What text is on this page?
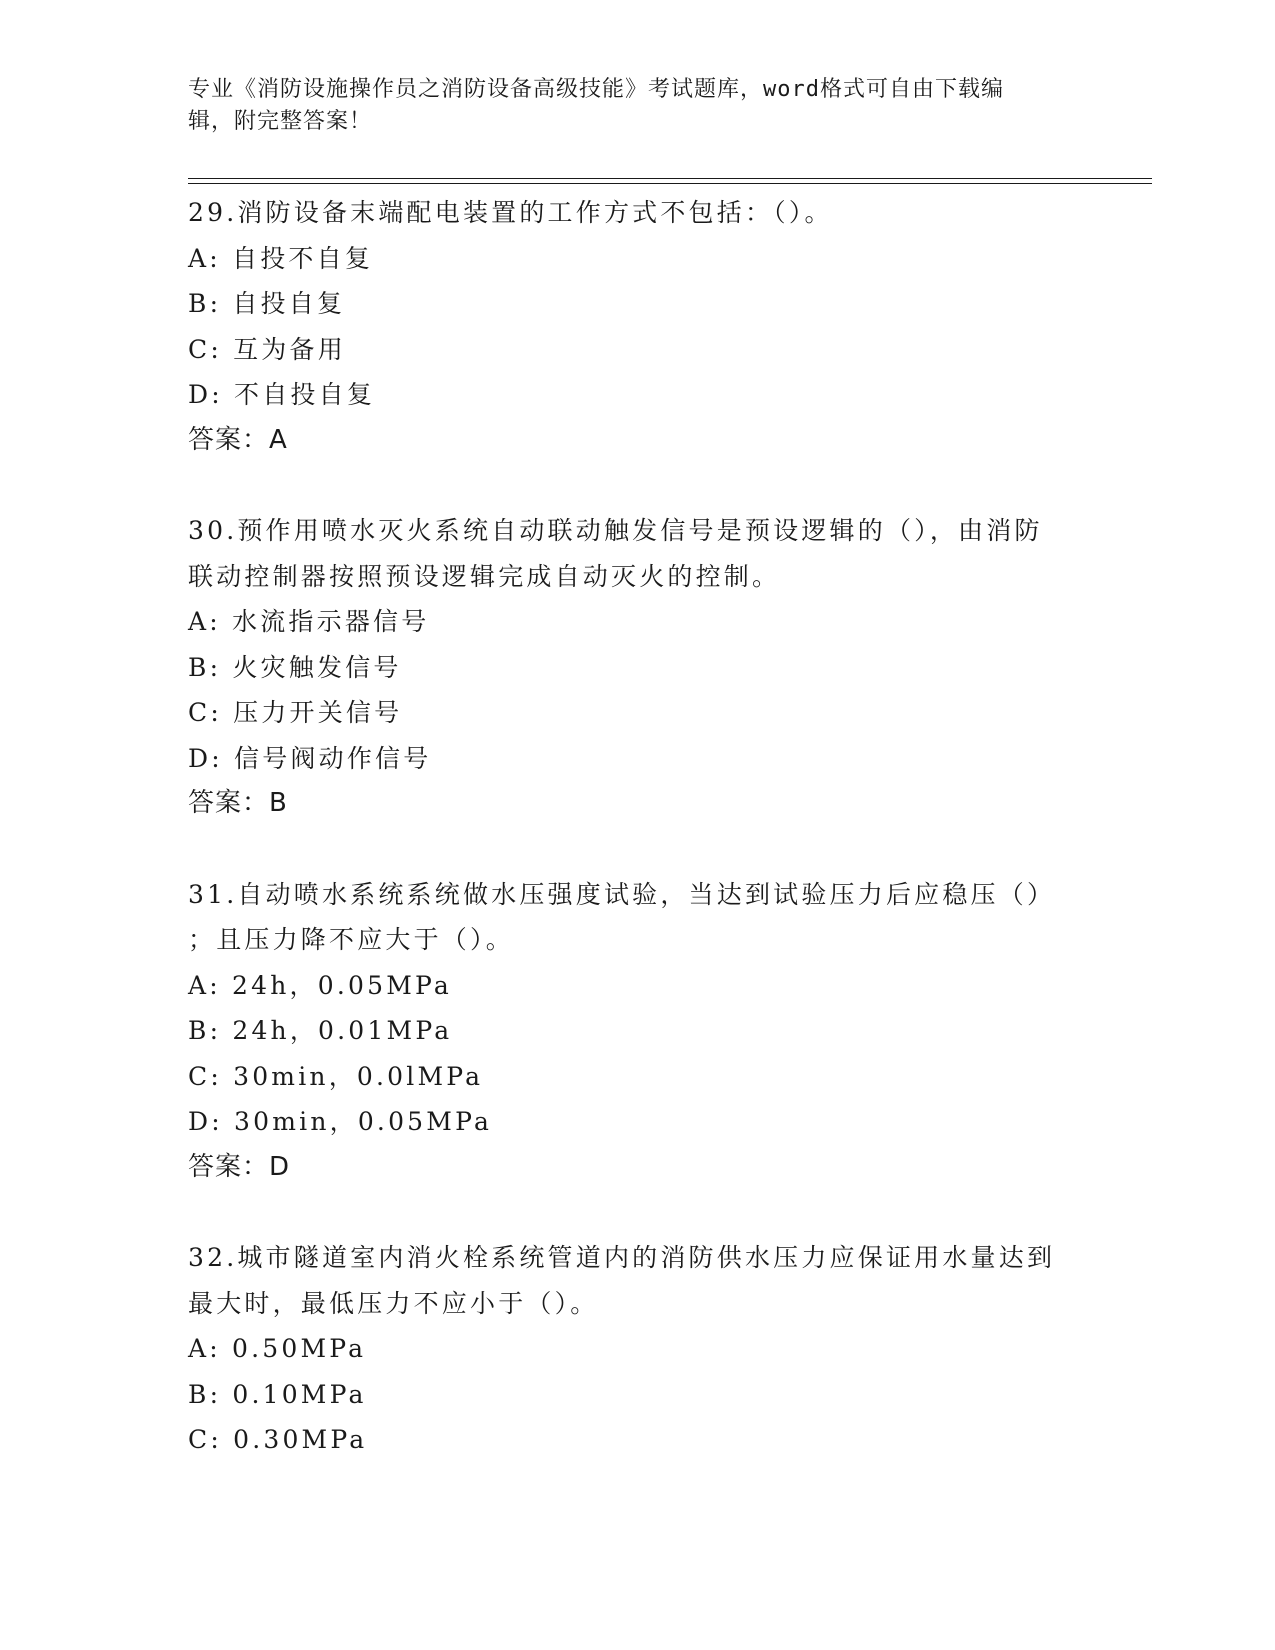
专业《消防设施操作员之消防设备高级技能》考试题库，word格式可自由下载编
辑，附完整答案！
29.消防设备末端配电装置的工作方式不包括：（）。
A: 自投不自复
B: 自投自复
C: 互为备用
D: 不自投自复
答案：A
30.预作用喷水灭火系统自动联动触发信号是预设逻辑的（），由消防
联动控制器按照预设逻辑完成自动灭火的控制。
A: 水流指示器信号
B: 火灾触发信号
C: 压力开关信号
D: 信号阀动作信号
答案：B
31.自动喷水系统系统做水压强度试验，当达到试验压力后应稳压（）
；且压力降不应大于（）。
A: 24h，0.05MPa
B: 24h，0.01MPa
C: 30min，0.0lMPa
D: 30min，0.05MPa
答案：D
32.城市隧道室内消火栓系统管道内的消防供水压力应保证用水量达到
最大时，最低压力不应小于（）。
A: 0.50MPa
B: 0.10MPa
C: 0.30MPa
